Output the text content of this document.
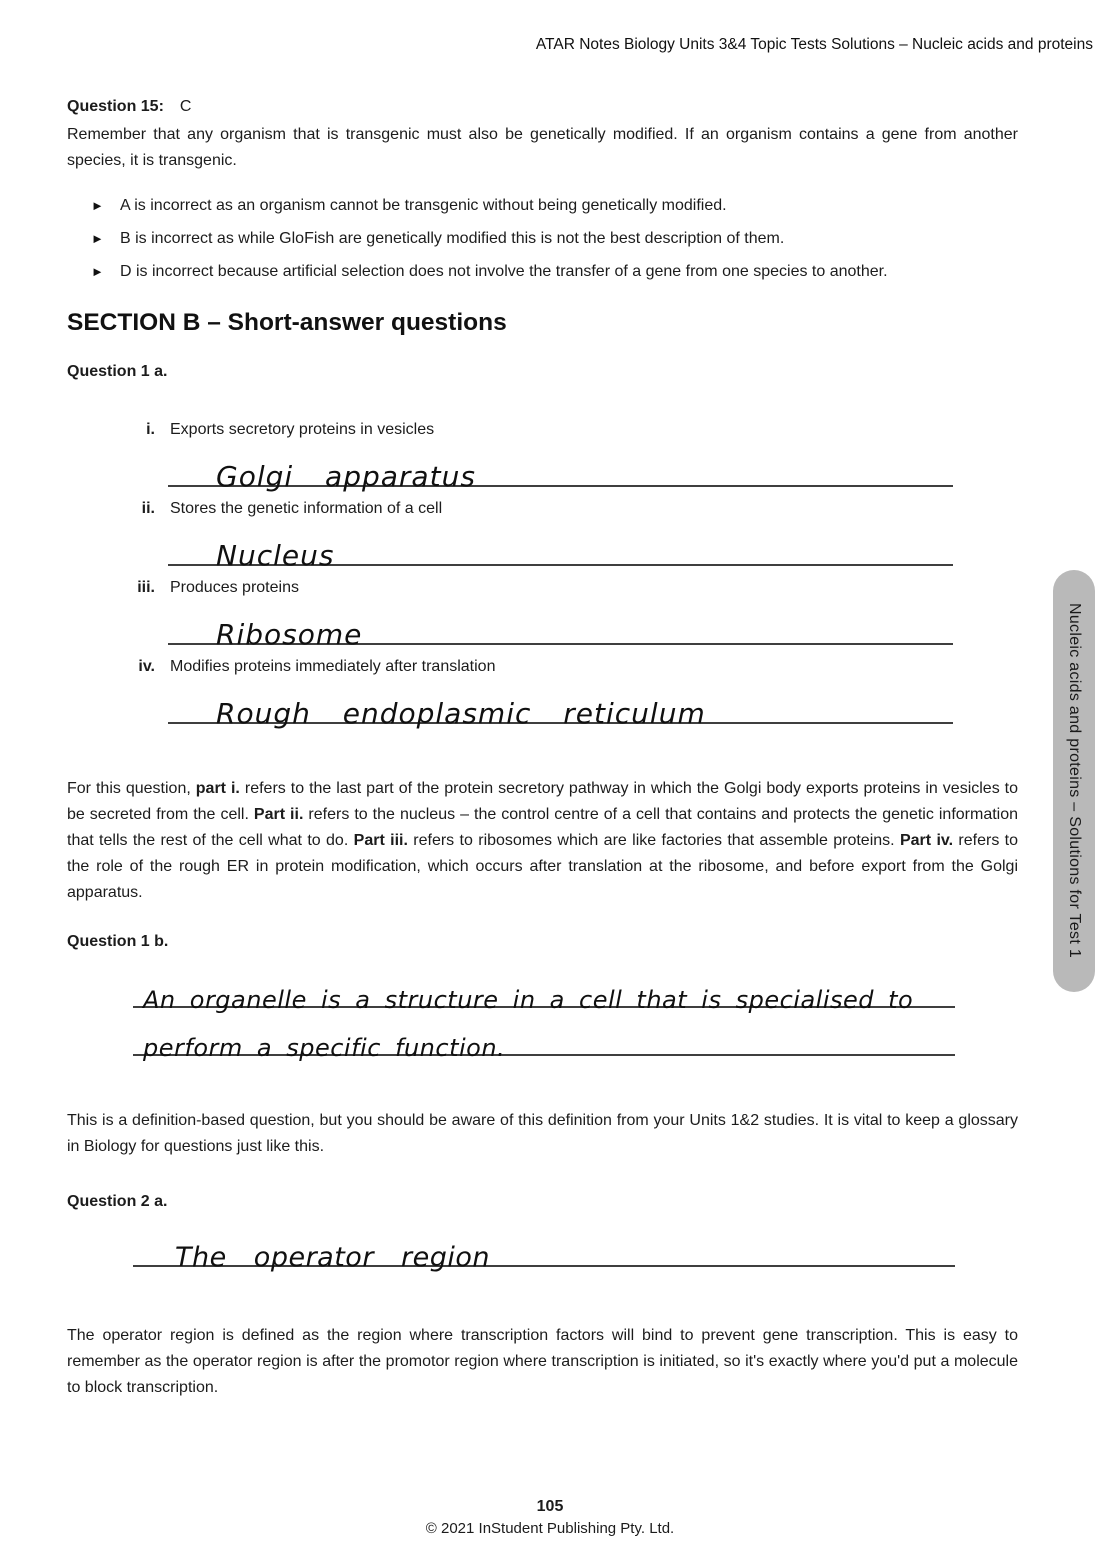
ATAR Notes Biology Units 3&4 Topic Tests Solutions – Nucleic acids and proteins
Question 15: C
Remember that any organism that is transgenic must also be genetically modified. If an organism contains a gene from another species, it is transgenic.
► A is incorrect as an organism cannot be transgenic without being genetically modified.
► B is incorrect as while GloFish are genetically modified this is not the best description of them.
► D is incorrect because artificial selection does not involve the transfer of a gene from one species to another.
SECTION B – Short-answer questions
Question 1 a.
i. Exports secretory proteins in vesicles
Golgi apparatus
ii. Stores the genetic information of a cell
Nucleus
iii. Produces proteins
Ribosome
iv. Modifies proteins immediately after translation
Rough endoplasmic reticulum
For this question, part i. refers to the last part of the protein secretory pathway in which the Golgi body exports proteins in vesicles to be secreted from the cell. Part ii. refers to the nucleus – the control centre of a cell that contains and protects the genetic information that tells the rest of the cell what to do. Part iii. refers to ribosomes which are like factories that assemble proteins. Part iv. refers to the role of the rough ER in protein modification, which occurs after translation at the ribosome, and before export from the Golgi apparatus.
Question 1 b.
An organelle is a structure in a cell that is specialised to
perform a specific function.
This is a definition-based question, but you should be aware of this definition from your Units 1&2 studies. It is vital to keep a glossary in Biology for questions just like this.
Question 2 a.
The operator region
The operator region is defined as the region where transcription factors will bind to prevent gene transcription. This is easy to remember as the operator region is after the promotor region where transcription is initiated, so it's exactly where you'd put a molecule to block transcription.
Nucleic acids and proteins – Solutions for Test 1
105
© 2021 InStudent Publishing Pty. Ltd.
